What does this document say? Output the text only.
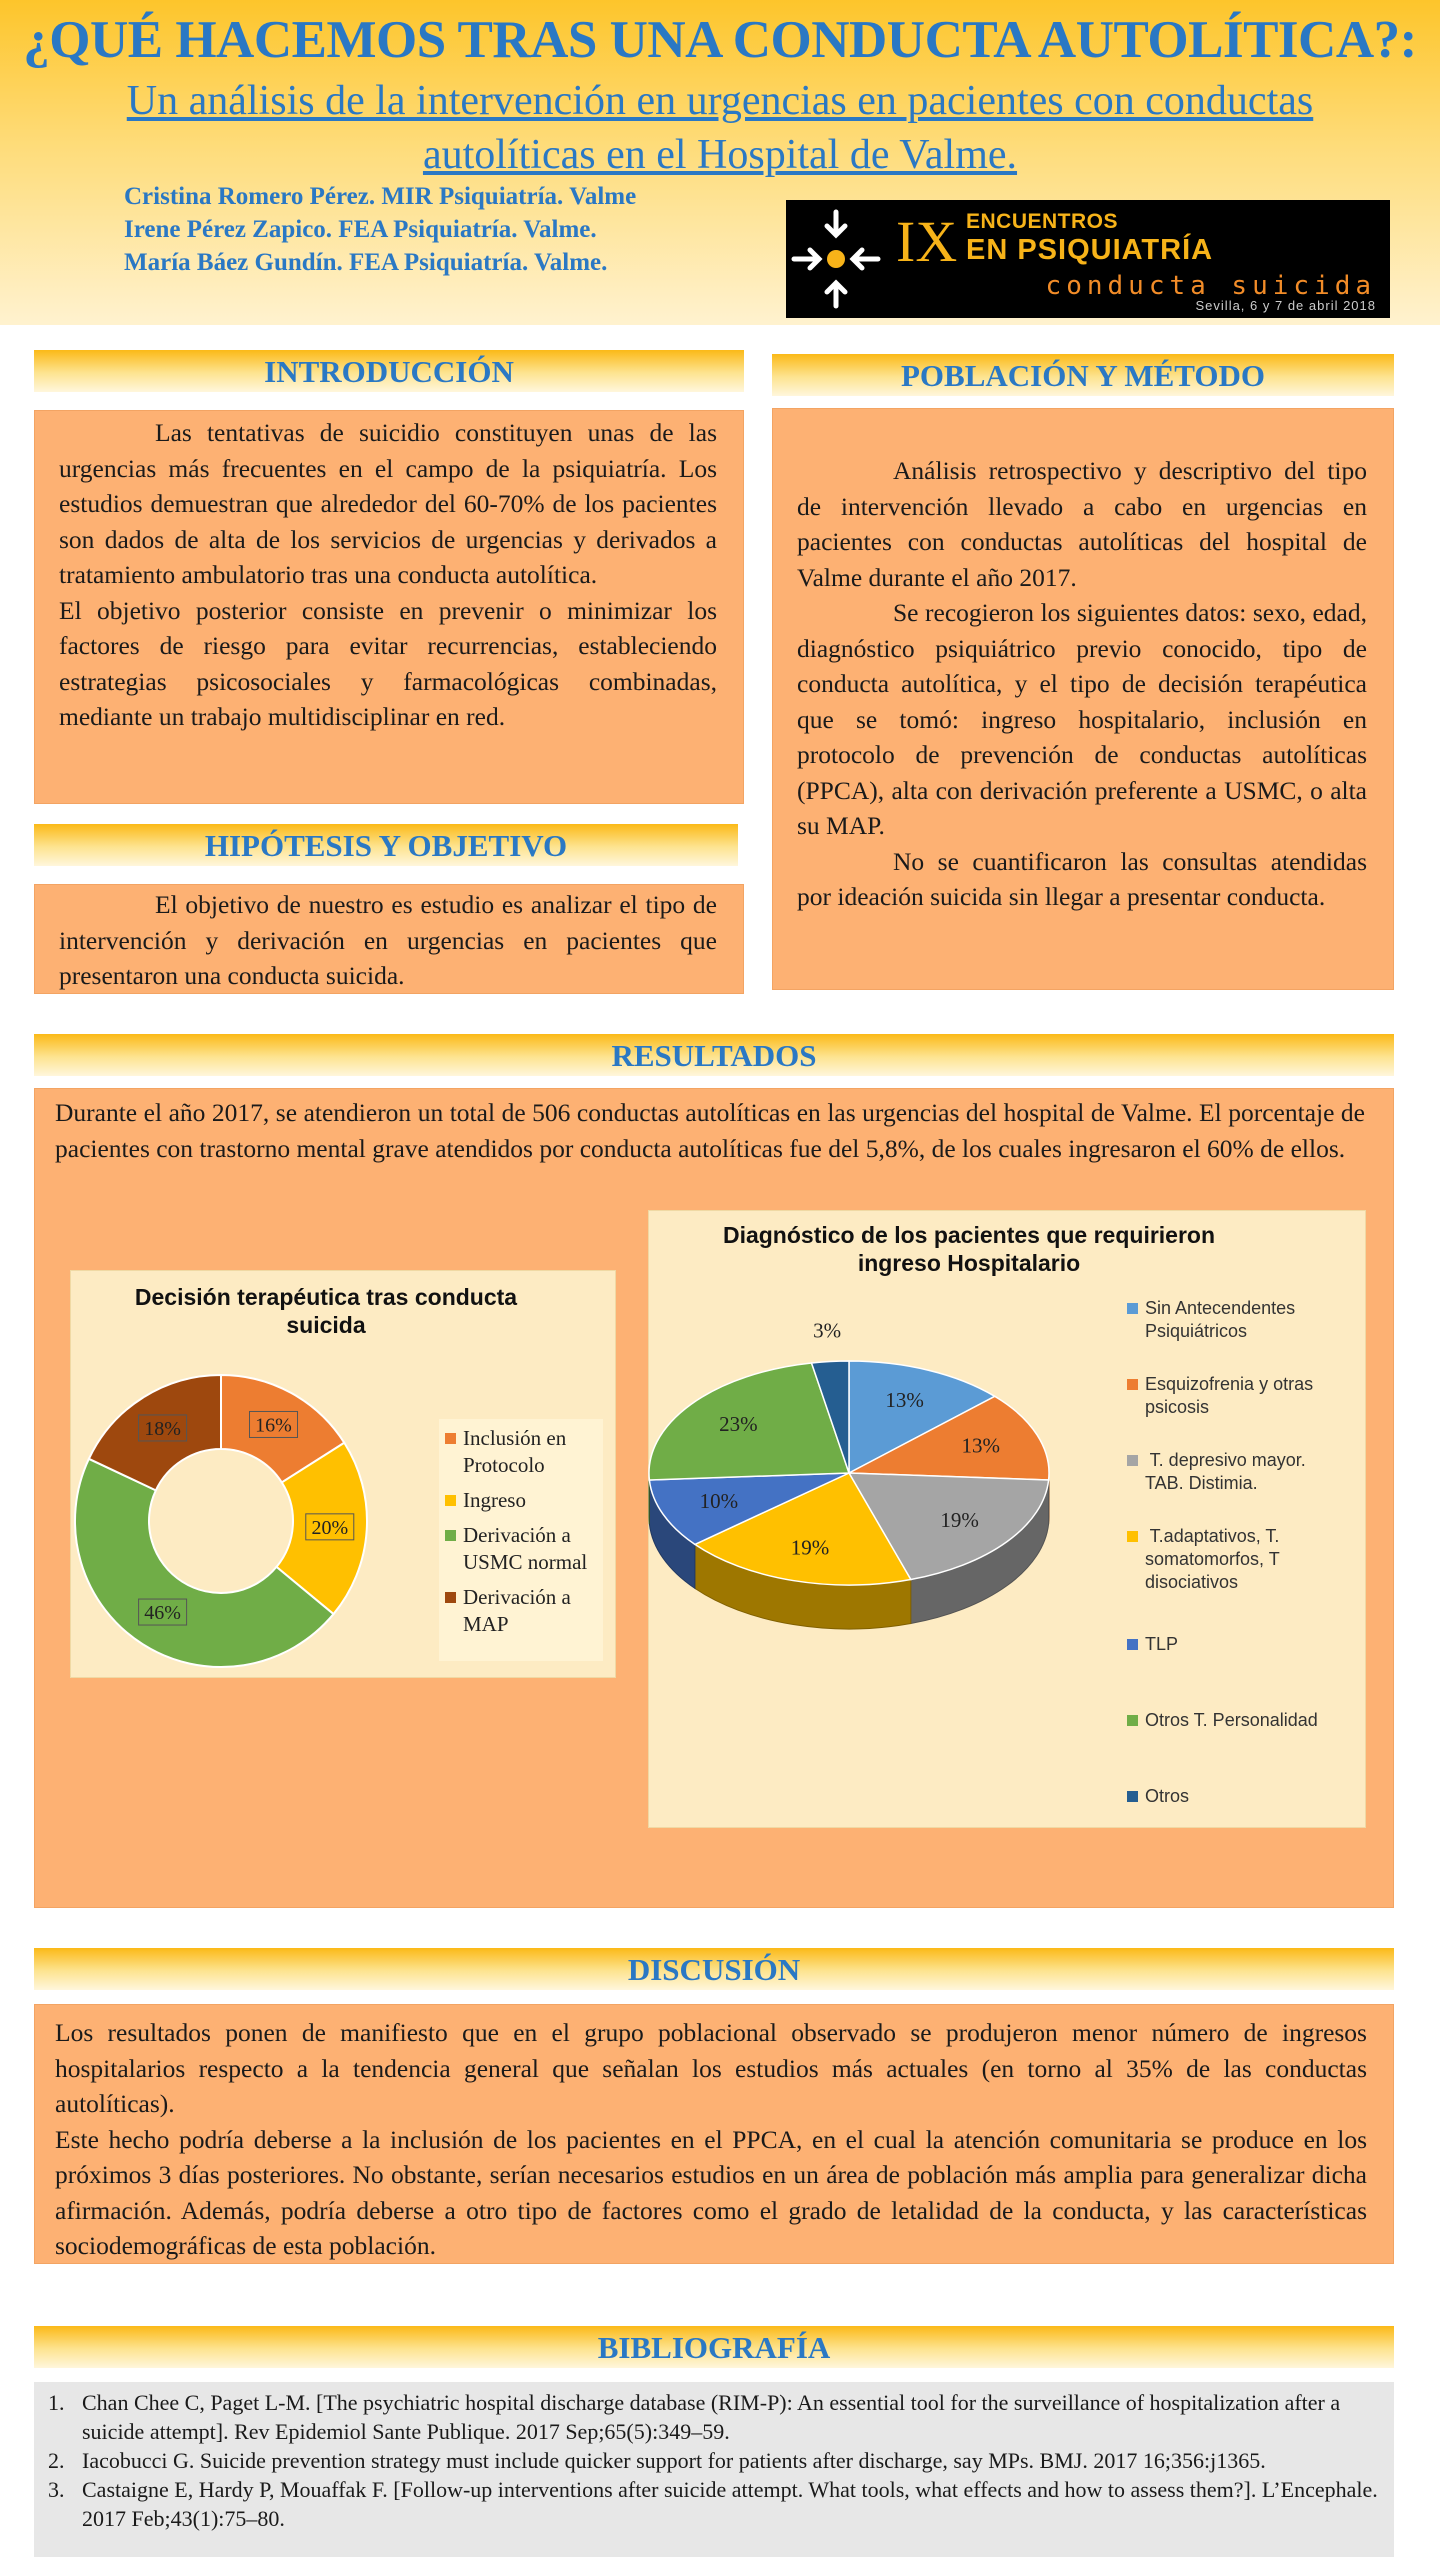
¿QUÉ HACEMOS TRAS UNA CONDUCTA AUTOLÍTICA?:
Un análisis de la intervención en urgencias en pacientes con conductas
autolíticas en el Hospital de Valme.
Cristina Romero Pérez. MIR Psiquiatría. Valme
Irene Pérez Zapico. FEA Psiquiatría. Valme.
María Báez Gundín. FEA Psiquiatría. Valme.	IX ENCUENTROS
EN PSIQUIATRÍA
conducta suicida
Sevilla, 6 y 7 de abril 2018
INTRODUCCIÓN

Las tentativas de suicidio constituyen unas de las urgencias más frecuentes en el campo de la psiquiatría. Los estudios demuestran que alrededor del 60-70% de los pacientes son dados de alta de los servicios de urgencias y derivados a tratamiento ambulatorio tras una conducta autolítica.

El objetivo posterior consiste en prevenir o minimizar los factores de riesgo para evitar recurrencias, estableciendo estrategias psicosociales y farmacológicas combinadas, mediante un trabajo multidisciplinar en red.

HIPÓTESIS Y OBJETIVO

El objetivo de nuestro es estudio es analizar el tipo de intervención y derivación en urgencias en pacientes que presentaron una conducta suicida.

POBLACIÓN Y MÉTODO

Análisis retrospectivo y descriptivo del tipo de intervención llevado a cabo en urgencias en pacientes con conductas autolíticas del hospital de Valme durante el año 2017.

Se recogieron los siguientes datos: sexo, edad, diagnóstico psiquiátrico previo conocido, tipo de conducta autolítica, y el tipo de decisión terapéutica que se tomó: ingreso hospitalario, inclusión en protocolo de prevención de conductas autolíticas (PPCA), alta con derivación preferente a USMC, o alta su MAP.

No se cuantificaron las consultas atendidas por ideación suicida sin llegar a presentar conducta.

RESULTADOS

Durante el año 2017, se atendieron un total de 506 conductas autolíticas en las urgencias del hospital de Valme. El porcentaje de pacientes con trastorno mental grave atendidos por conducta autolíticas fue del 5,8%, de los cuales ingresaron el 60% de ellos.

Decisión terapéutica tras conducta
suicida
16%
20%
46%
18%	Inclusión en
Protocolo
Ingreso
Derivación a
USMC normal
Derivación a
MAP
Diagnóstico de los pacientes que requirieron
ingreso Hospitalario
13%
13%
19%
19%
10%
23%
3%
Sin Antecendentes
Psiquiátricos
Esquizofrenia y otras
psicosis
T. depresivo mayor.
TAB. Distimia.
T.adaptativos, T.
somatomorfos, T
disociativos
TLP
Otros T. Personalidad
Otros
DISCUSIÓN

Los resultados ponen de manifiesto que en el grupo poblacional observado se produjeron menor número de ingresos hospitalarios respecto a la tendencia general que señalan los estudios más actuales (en torno al 35% de las conductas autolíticas).

Este hecho podría deberse a la inclusión de los pacientes en el PPCA, en el cual la atención comunitaria se produce en los próximos 3 días posteriores. No obstante, serían necesarios estudios en un área de población más amplia para generalizar dicha afirmación. Además, podría deberse a otro tipo de factores como el grado de letalidad de la conducta, y las características sociodemográficas de esta población.

BIBLIOGRAFÍA
1. Chan Chee C, Paget L-M. [The psychiatric hospital discharge database (RIM-P): An essential tool for the surveillance of hospitalization after a suicide attempt]. Rev Epidemiol Sante Publique. 2017 Sep;65(5):349–59.
2. Iacobucci G. Suicide prevention strategy must include quicker support for patients after discharge, say MPs. BMJ. 2017 16;356:j1365.
3. Castaigne E, Hardy P, Mouaffak F. [Follow-up interventions after suicide attempt. What tools, what effects and how to assess them?]. L’Encephale. 2017 Feb;43(1):75–80.
